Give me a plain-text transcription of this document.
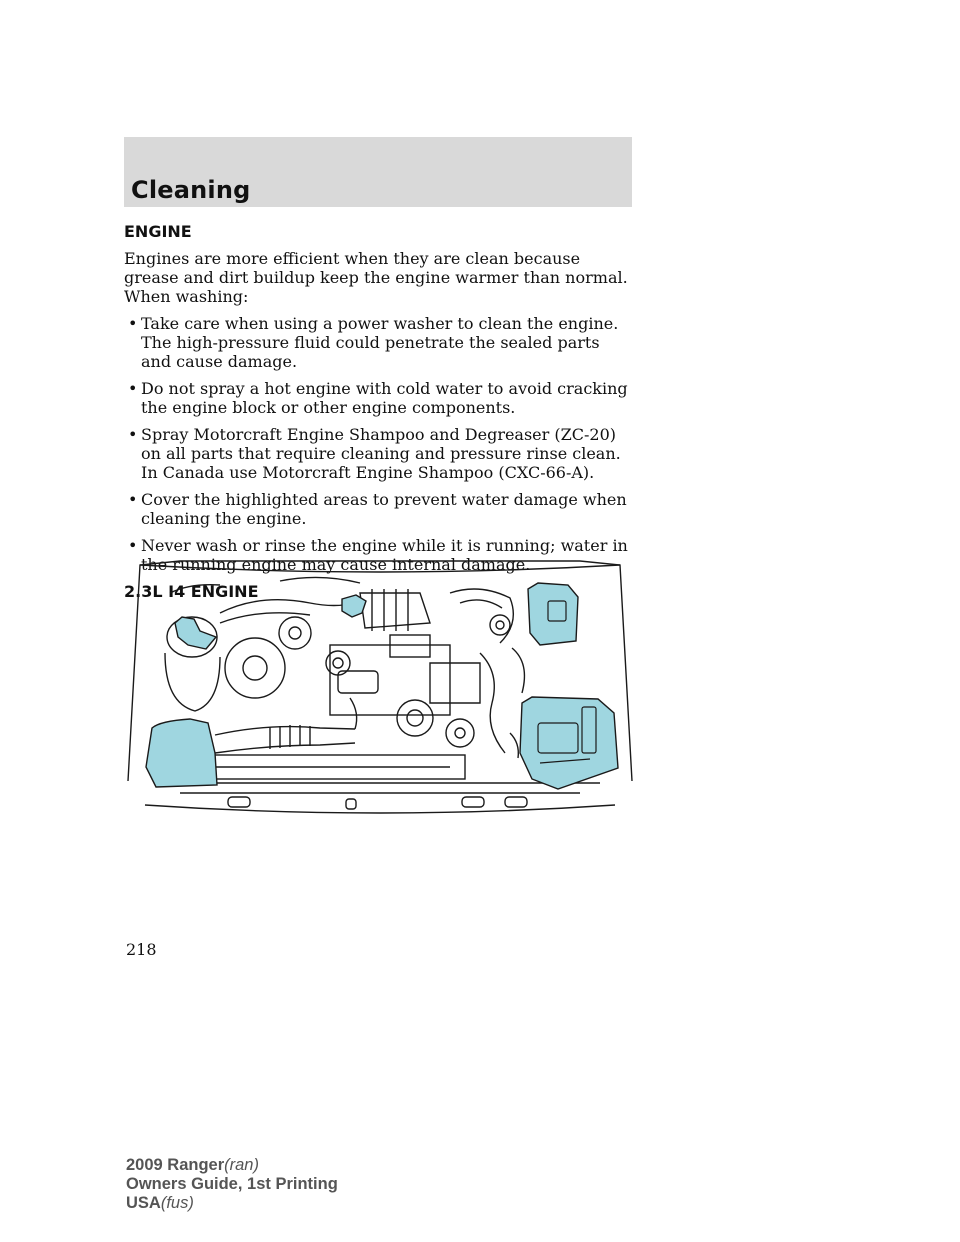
Cleaning
ENGINE

Engines are more efficient when they are clean because grease and dirt buildup keep the engine warmer than normal. When washing:

• Take care when using a power washer to clean the engine. The high-pressure fluid could penetrate the sealed parts and cause damage.
• Do not spray a hot engine with cold water to avoid cracking the engine block or other engine components.
• Spray Motorcraft Engine Shampoo and Degreaser (ZC-20) on all parts that require cleaning and pressure rinse clean. In Canada use Motorcraft Engine Shampoo (CXC-66-A).
• Cover the highlighted areas to prevent water damage when cleaning the engine.
• Never wash or rinse the engine while it is running; water in the running engine may cause internal damage.
2.3L I4 ENGINE
218
2009 Ranger(ran)
Owners Guide, 1st Printing
USA(fus)
